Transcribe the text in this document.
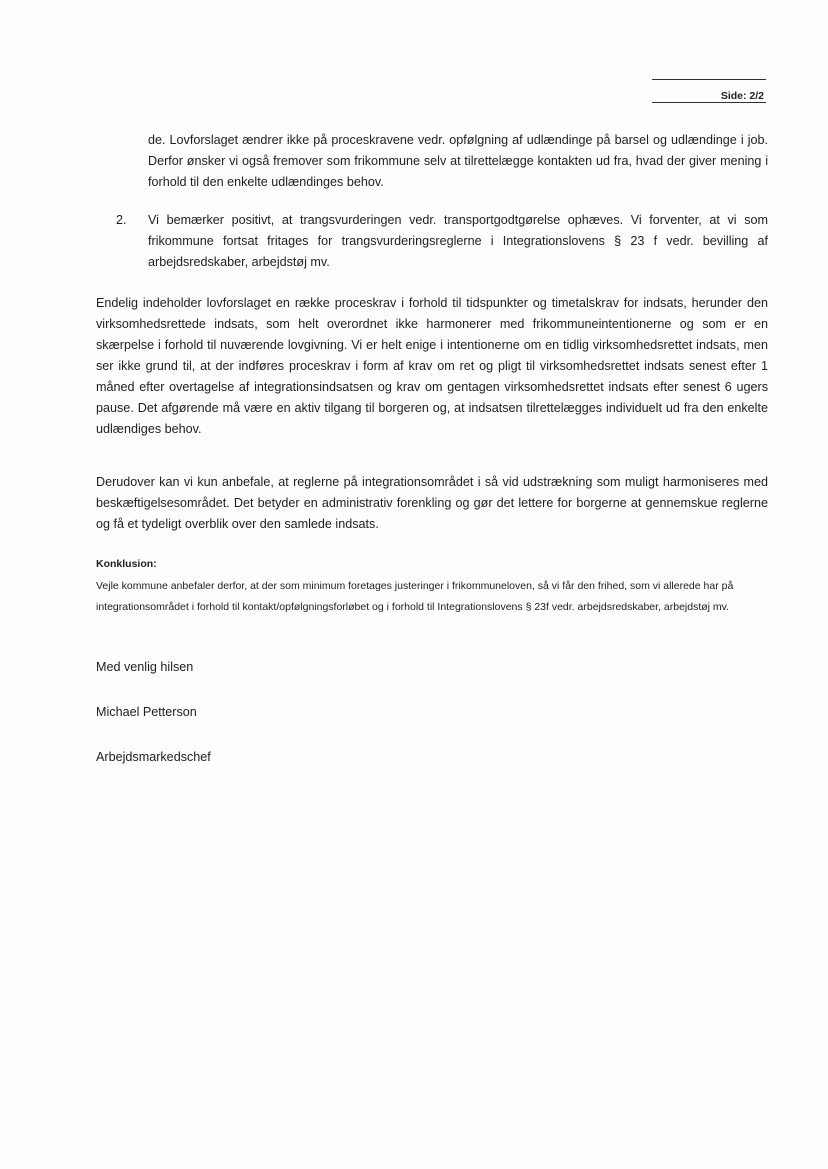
Side: 2/2

de. Lovforslaget ændrer ikke på proceskravene vedr. opfølgning af udlændinge på barsel og udlændinge i job. Derfor ønsker vi også fremover som frikommune selv at tilrettelægge kontakten ud fra, hvad der giver mening i forhold til den enkelte udlændinges behov.

2.	Vi bemærker positivt, at trangsvurderingen vedr. transportgodtgørelse ophæves. Vi forventer, at vi som frikommune fortsat fritages for trangsvurderingsreglerne i Integrationslovens § 23 f vedr. bevilling af arbejdsredskaber, arbejdstøj mv.

Endelig indeholder lovforslaget en række proceskrav i forhold til tidspunkter og timetalskrav for indsats, herunder den virksomhedsrettede indsats, som helt overordnet ikke harmonerer med frikommuneintentionerne og som er en skærpelse i forhold til nuværende lovgivning. Vi er helt enige i intentionerne om en tidlig virksomhedsrettet indsats, men ser ikke grund til, at der indføres proceskrav i form af krav om ret og pligt til virksomhedsrettet indsats senest efter 1 måned efter overtagelse af integrationsindsatsen og krav om gentagen virksomhedsrettet indsats efter senest 6 ugers pause. Det afgørende må være en aktiv tilgang til borgeren og, at indsatsen tilrettelægges individuelt ud fra den enkelte udlændiges behov.

Derudover kan vi kun anbefale, at reglerne på integrationsområdet i så vid udstrækning som muligt harmoniseres med beskæftigelsesområdet. Det betyder en administrativ forenkling og gør det lettere for borgerne at gennemskue reglerne og få et tydeligt overblik over den samlede indsats.

Konklusion:

Vejle kommune anbefaler derfor, at der som minimum foretages justeringer i frikommuneloven, så vi får den frihed, som vi allerede har på integrationsområdet i forhold til kontakt/opfølgningsforløbet og i forhold til Integrationslovens § 23f vedr. arbejdsredskaber, arbejdstøj mv.

Med venlig hilsen
Michael Petterson
Arbejdsmarkedschef
